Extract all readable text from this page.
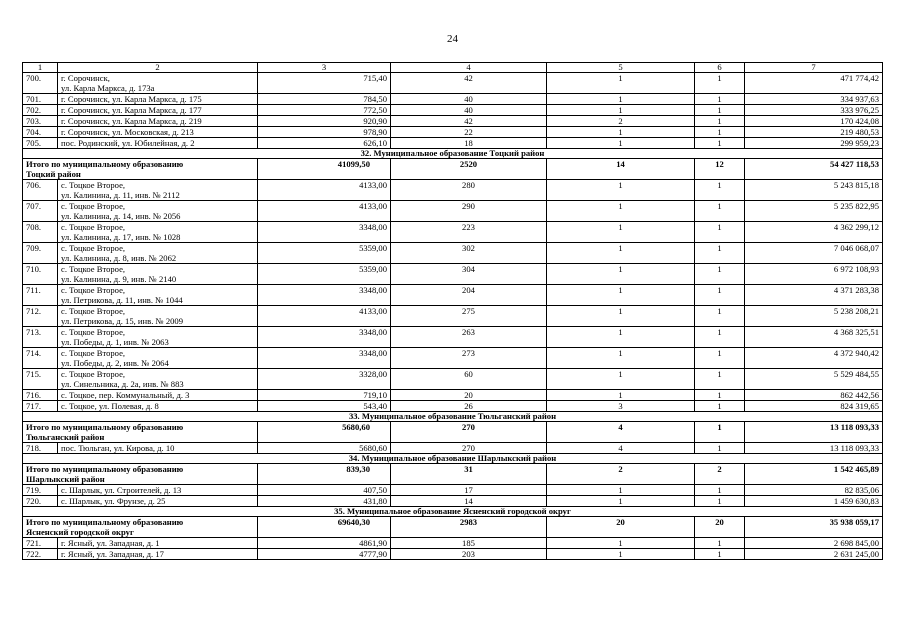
24
1	2	3	4	5	6	7
700.	г. Сорочинск,
ул. Карла Маркса, д. 173а	715,40	42	1	1	471 774,42
701.	г. Сорочинск, ул. Карла Маркса, д. 175	784,50	40	1	1	334 937,63
702.	г. Сорочинск, ул. Карла Маркса, д. 177	772,50	40	1	1	333 976,25
703.	г. Сорочинск, ул. Карла Маркса, д. 219	920,90	42	2	1	170 424,08
704.	г. Сорочинск, ул. Московская, д. 213	978,90	22	1	1	219 480,53
705.	пос. Родинский, ул. Юбилейная, д. 2	626,10	18	1	1	299 959,23
32. Муниципальное образование Тоцкий район						

Итого по муниципальному образованию
Тоцкий район		41099,50	2520	14	12	54 427 118,53
706.	с. Тоцкое Второе,
ул. Калинина, д. 11, инв. № 2112	4133,00	280	1	1	5 243 815,18
707.	с. Тоцкое Второе,
ул. Калинина, д. 14, инв. № 2056	4133,00	290	1	1	5 235 822,95
708.	с. Тоцкое Второе,
ул. Калинина, д. 17, инв. № 1028	3348,00	223	1	1	4 362 299,12
709.	с. Тоцкое Второе,
ул. Калинина, д. 8, инв. № 2062	5359,00	302	1	1	7 046 068,07
710.	с. Тоцкое Второе,
ул. Калинина, д. 9, инв. № 2140	5359,00	304	1	1	6 972 108,93
711.	с. Тоцкое Второе,
ул. Петрикова, д. 11, инв. № 1044	3348,00	204	1	1	4 371 283,38
712.	с. Тоцкое Второе,
ул. Петрикова, д. 15, инв. № 2009	4133,00	275	1	1	5 238 208,21
713.	с. Тоцкое Второе,
ул. Победы, д. 1, инв. № 2063	3348,00	263	1	1	4 368 325,51
714.	с. Тоцкое Второе,
ул. Победы, д. 2, инв. № 2064	3348,00	273	1	1	4 372 940,42
715.	с. Тоцкое Второе,
ул. Синельника, д. 2а, инв. № 883	3328,00	60	1	1	5 529 484,55
716.	с. Тоцкое, пер. Коммунальный, д. 3	719,10	20	1	1	862 442,56
717.	с. Тоцкое, ул. Полевая, д. 8	543,40	26	3	1	824 319,65
33. Муниципальное образование Тюльганский район						

Итого по муниципальному образованию
Тюльганский район		5680,60	270	4	1	13 118 093,33
718.	пос. Тюльган, ул. Кирова, д. 10	5680,60	270	4	1	13 118 093,33
34. Муниципальное образование Шарлыкский район						

Итого по муниципальному образованию
Шарлыкский район		839,30	31	2	2	1 542 465,89
719.	с. Шарлык, ул. Строителей, д. 13	407,50	17	1	1	82 835,06
720.	с. Шарлык, ул. Фрунзе, д. 25	431,80	14	1	1	1 459 630,83
35. Муниципальное образование Ясненский городской округ						

Итого по муниципальному образованию
Ясненский городской округ		69640,30	2983	20	20	35 938 059,17
721.	г. Ясный, ул. Западная, д. 1	4861,90	185	1	1	2 698 845,00
722.	г. Ясный, ул. Западная, д. 17	4777,90	203	1	1	2 631 245,00
